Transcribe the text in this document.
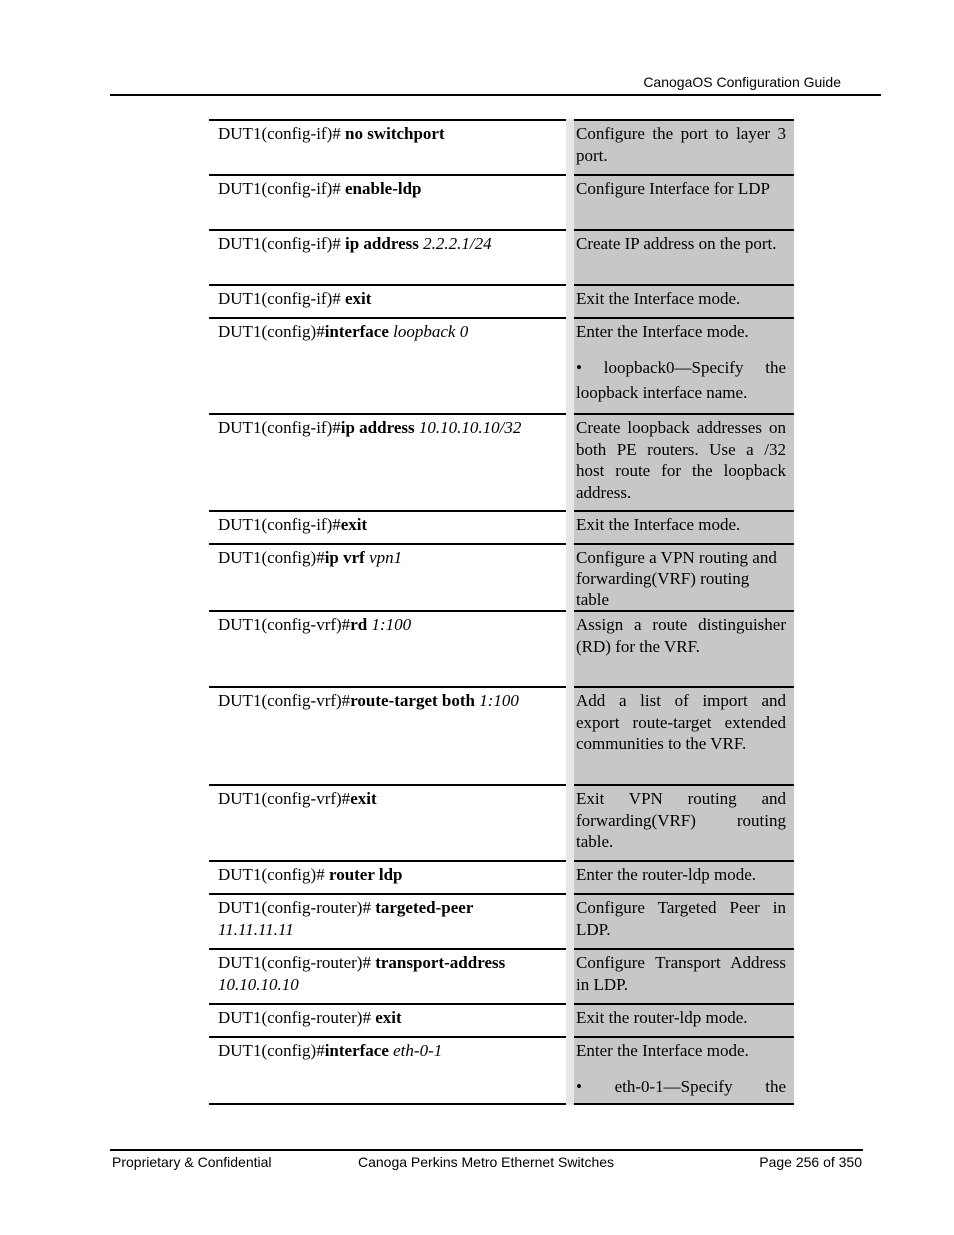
CanogaOS Configuration Guide
DUT1(config-if)# no switchport	Configure the port to layer 3 port.

DUT1(config-if)# enable-ldp	Configure Interface for LDP

DUT1(config-if)# ip address 2.2.2.1/24	Create IP address on the port.

DUT1(config-if)# exit	Exit the Interface mode.

DUT1(config)#interface loopback 0	Enter the Interface mode.

• loopback0—Specify the loopback interface name.

DUT1(config-if)#ip address 10.10.10.10/32	Create loopback addresses on both PE routers. Use a /32 host route for the loopback address.

DUT1(config-if)#exit	Exit the Interface mode.

DUT1(config)#ip vrf vpn1	Configure a VPN routing and forwarding(VRF) routing table

DUT1(config-vrf)#rd 1:100	Assign a route distinguisher (RD) for the VRF.

DUT1(config-vrf)#route-target both 1:100	Add a list of import and export route-target extended communities to the VRF.

DUT1(config-vrf)#exit	Exit VPN routing and forwarding(VRF) routing table.

DUT1(config)# router ldp	Enter the router-ldp mode.

DUT1(config-router)# targeted-peer
11.11.11.11	Configure Targeted Peer in LDP.

DUT1(config-router)# transport-address
10.10.10.10	Configure Transport Address in LDP.

DUT1(config-router)# exit	Exit the router-ldp mode.

DUT1(config)#interface eth-0-1	Enter the Interface mode.

• eth-0-1—Specify the

Proprietary & Confidential	Canoga Perkins Metro Ethernet Switches	Page 256 of 350
